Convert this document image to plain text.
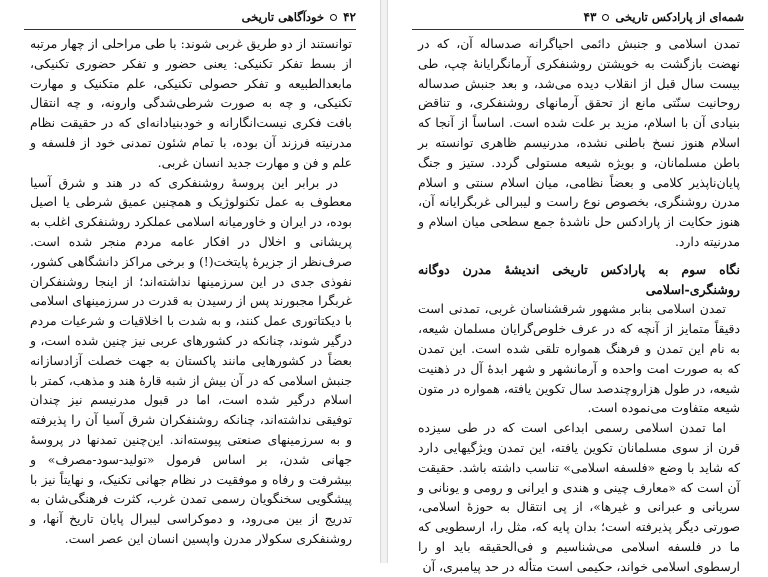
۴۲
خودآگاهی تاریخی

توانستند از دو طریق غربی شوند: با طی مراحلی از چهار مرتبه از بسط تفکر تکنیکی: یعنی حضور و تفکر حضوری تکنیکی، مابعدالطبیعه و تفکر حصولی تکنیکی، علم متکنیک و مهارت تکنیکی، و چه به صورت شرطی‌شدگی وارونه، و چه انتقال بافت فکری نیست‌انگارانه و خودبنیادانه‌ای که در حقیقت نظام مدرنیته فرزند آن بوده، با تمام شئون تمدنی خود از فلسفه و علم و فن و مهارت جدید انسان غربی.

در برابر این پروسهٔ روشنفکری که در هند و شرق آسیا معطوف به عمل تکنولوژیک و همچنین عمیق شرطی یا اصیل بوده، در ایران و خاورمیانه اسلامی عملکرد روشنفکری اغلب به پریشانی و اخلال در افکار عامه مردم منجر شده است. صرف‌نظر از جزیرهٔ پایتخت(!) و برخی مراکز دانشگاهی کشور، نفوذی جدی در این سرزمینها نداشته‌اند؛ از اینجا روشنفکران غربگرا مجبورند پس از رسیدن به قدرت در سرزمینهای اسلامی با دیکتاتوری عمل کنند، و به شدت با اخلاقیات و شرعیات مردم درگیر شوند، چنانکه در کشورهای عربی نیز چنین شده است، و بعضاً در کشورهایی مانند پاکستان به جهت خصلت آزادسازانه جنبش اسلامی که در آن بیش از شبه قارهٔ هند و مذهب، کمتر با اسلام درگیر شده است، اما در قبول مدرنیسم نیز چندان توفیقی نداشته‌اند، چنانکه روشنفکران شرق آسیا آن را پذیرفته و به سرزمینهای صنعتی پیوسته‌اند. این‌چنین تمدنها در پروسهٔ جهانی شدن، بر اساس فرمول «تولید-سود-مصرف» و بیشرفت و رفاه و موفقیت در نظام جهانی تکنیک، و نهایتاً نیز با پیشگویی سخنگویان رسمی تمدن غرب، کثرت فرهنگی‌شان به تدریج از بین می‌رود، و دموکراسی لیبرال پایان تاریخ آنها، و روشنفکری سکولار مدرن واپسین انسان این عصر است.

شمه‌ای از پارادکس تاریخی
۴۳

تمدن اسلامی و جنبش دائمی احیاگرانه صدساله آن، که در نهضت بازگشت به خویشتن روشنفکری آرمانگرایانهٔ چپ، طی بیست سال قبل از انقلاب دیده می‌شد، و بعد جنبش صدساله روحانیت سنّتی مانع از تحقق آرمانهای روشنفکری، و تناقض بنیادی آن با اسلام، مزید بر علت شده است. اساساً از آنجا که اسلام هنوز نسخ باطنی نشده، مدرنیسم ظاهری توانسته بر باطن مسلمانان، و بویژه شیعه مستولی گردد. ستیز و جنگ پایان‌ناپذیر کلامی و بعضاً نظامی، میان اسلام سنتی و اسلام مدرن روشنگری، بخصوص نوع راست و لیبرالی غربگرایانه آن، هنوز حکایت از پارادکس حل ناشدهٔ جمع سطحی میان اسلام و مدرنیته دارد.

نگاه سوم به پارادکس تاریخی اندیشهٔ مدرن دوگانه روشنگری-اسلامی

تمدن اسلامی بنابر مشهور شرقشناسان غربی، تمدنی است دقیقاً متمایز از آنچه که در عرف خلوص‌گرایان مسلمان شیعه، به نام این تمدن و فرهنگ همواره تلقی شده است. این تمدن که به صورت امت واحده و آرمانشهر و شهر ابدهٔ آل در ذهنیت شیعه، در طول هزاروچندصد سال تکوین یافته، همواره در متون شیعه متفاوت می‌نموده است.

اما تمدن اسلامی رسمی ابداعی است که در طی سیزده قرن از سوی مسلمانان تکوین یافته، این تمدن ویژگیهایی دارد که شاید با وضع «فلسفه اسلامی» تناسب داشته باشد. حقیقت آن است که «معارف چینی و هندی و ایرانی و رومی و یونانی و سریانی و عبرانی و غیرها»، از پی انتقال به حوزهٔ اسلامی، صورتی دیگر پذیرفته است؛ بدان پایه که، مثل را، ارسطویی که ما در فلسفه اسلامی می‌شناسیم و فی‌الحقیقه باید او را ارسطوی اسلامی خواند، حکیمی است متأله در حد پیامبری، آن
